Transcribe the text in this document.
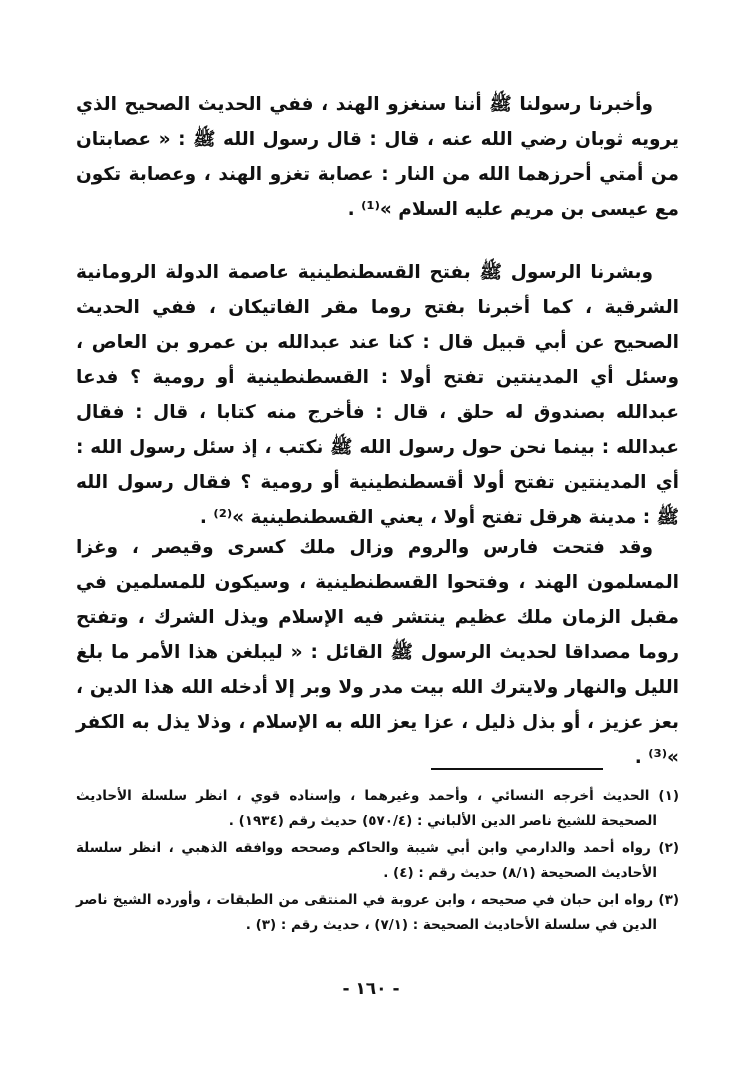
وأخبرنا رسولنا ﷺ أننا سنغزو الهند ، ففي الحديث الصحيح الذي يرويه ثوبان رضي الله عنه ، قال : قال رسول الله ﷺ : « عصابتان من أمتي أحرزهما الله من النار : عصابة تغزو الهند ، وعصابة تكون مع عيسى بن مريم عليه السلام »⁽¹⁾ .

وبشرنا الرسول ﷺ بفتح القسطنطينية عاصمة الدولة الرومانية الشرقية ، كما أخبرنا بفتح روما مقر الفاتيكان ، ففي الحديث الصحيح عن أبي قبيل قال : كنا عند عبدالله بن عمرو بن العاص ، وسئل أي المدينتين تفتح أولا : القسطنطينية أو رومية ؟ فدعا عبدالله بصندوق له حلق ، قال : فأخرج منه كتابا ، قال : فقال عبدالله : بينما نحن حول رسول الله ﷺ نكتب ، إذ سئل رسول الله : أي المدينتين تفتح أولا أقسطنطينية أو رومية ؟ فقال رسول الله ﷺ : مدينة هرقل تفتح أولا ، يعني القسطنطينية »⁽²⁾ .

وقد فتحت فارس والروم وزال ملك كسرى وقيصر ، وغزا المسلمون الهند ، وفتحوا القسطنطينية ، وسيكون للمسلمين في مقبل الزمان ملك عظيم ينتشر فيه الإسلام ويذل الشرك ، وتفتح روما مصداقا لحديث الرسول ﷺ القائل : « ليبلغن هذا الأمر ما بلغ الليل والنهار ولايترك الله بيت مدر ولا وبر إلا أدخله الله هذا الدين ، بعز عزيز ، أو بذل ذليل ، عزا يعز الله به الإسلام ، وذلا يذل به الكفر »⁽³⁾ .

(١) الحديث أخرجه النسائي ، وأحمد وغيرهما ، وإسناده قوي ، انظر سلسلة الأحاديث الصحيحة للشيخ ناصر الدين الألباني : (٥٧٠/٤) حديث رقم (١٩٣٤) .

(٢) رواه أحمد والدارمي وابن أبي شيبة والحاكم وصححه ووافقه الذهبي ، انظر سلسلة الأحاديث الصحيحة (٨/١) حديث رقم : (٤) .

(٣) رواه ابن حبان في صحيحه ، وابن عروبة في المنتقى من الطبقات ، وأورده الشيخ ناصر الدين في سلسلة الأحاديث الصحيحة : (٧/١) ، حديث رقم : (٣) .

- ١٦٠ -
